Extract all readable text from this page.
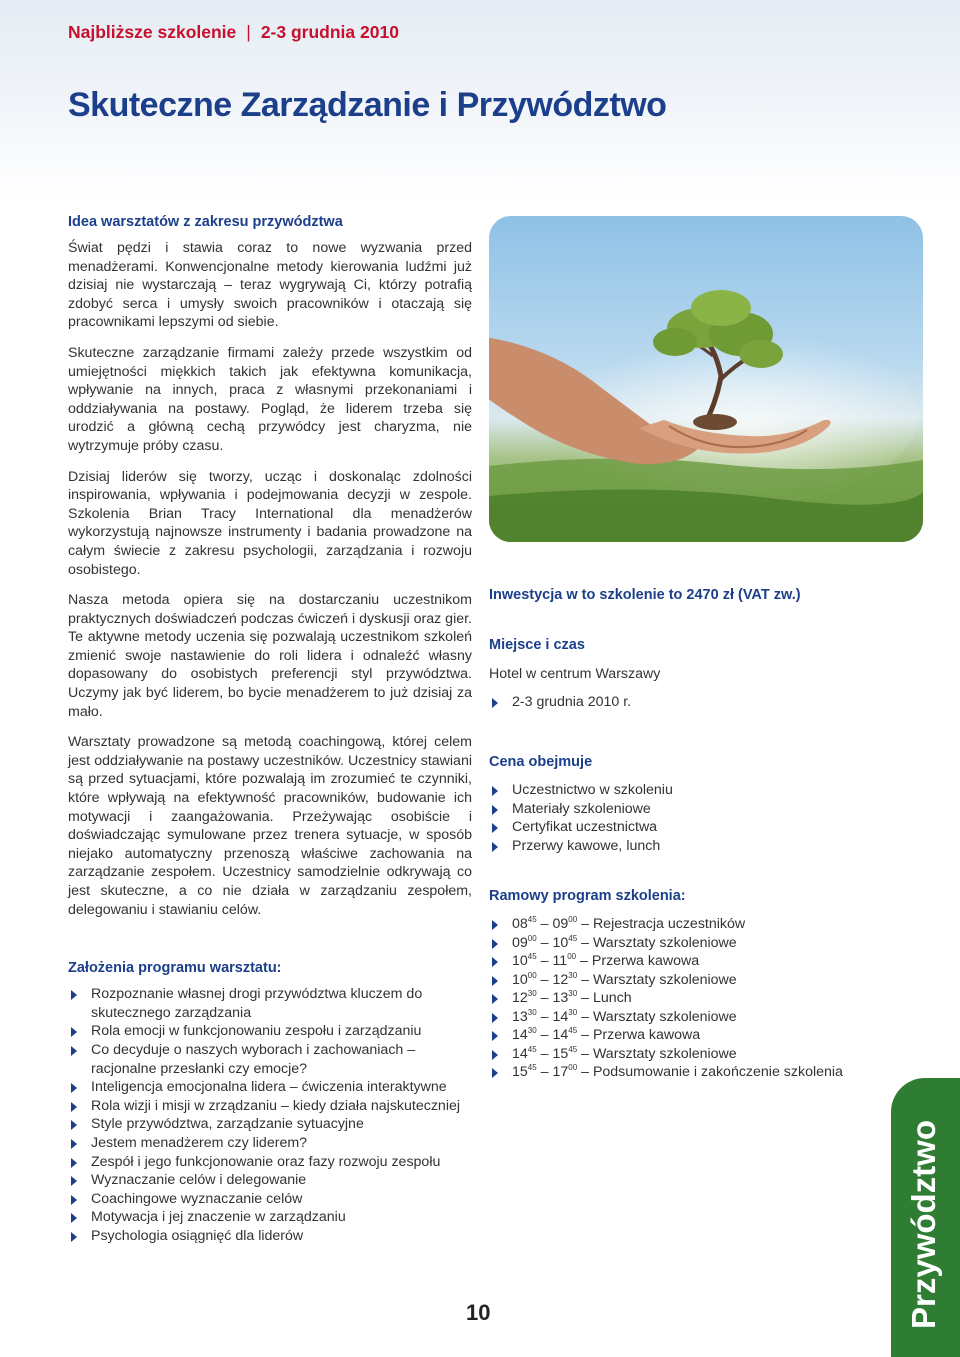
Najbliższe szkolenie | 2-3 grudnia 2010
Skuteczne Zarządzanie i Przywództwo
Idea warsztatów z zakresu przywództwa

Świat pędzi i stawia coraz to nowe wyzwania przed menadżerami. Konwencjonalne metody kierowania ludźmi już dzisiaj nie wystarczają – teraz wygrywają Ci, którzy potrafią zdobyć serca i umysły swoich pracowników i otaczają się pracownikami lepszymi od siebie.

Skuteczne zarządzanie firmami zależy przede wszystkim od umiejętności miękkich takich jak efektywna komunikacja, wpływanie na innych, praca z własnymi przekonaniami i oddziaływania na postawy. Pogląd, że liderem trzeba się urodzić a główną cechą przywódcy jest charyzma, nie wytrzymuje próby czasu.

Dzisiaj liderów się tworzy, ucząc i doskonaląc zdolności inspirowania, wpływania i podejmowania decyzji w zespole. Szkolenia Brian Tracy International dla menadżerów wykorzystują najnowsze instrumenty i badania prowadzone na całym świecie z zakresu psychologii, zarządzania i rozwoju osobistego.

Nasza metoda opiera się na dostarczaniu uczestnikom praktycznych doświadczeń podczas ćwiczeń i dyskusji oraz gier. Te aktywne metody uczenia się pozwalają uczestnikom szkoleń zmienić swoje nastawienie do roli lidera i odnaleźć własny dopasowany do osobistych preferencji styl przywództwa. Uczymy jak być liderem, bo bycie menadżerem to już dzisiaj za mało.

Warsztaty prowadzone są metodą coachingową, której celem jest oddziaływanie na postawy uczestników. Uczestnicy stawiani są przed sytuacjami, które pozwalają im zrozumieć te czynniki, które wpływają na efektywność pracowników, budowanie ich motywacji i zaangażowania. Przeżywając osobiście i doświadczając symulowane przez trenera sytuacje, w sposób niejako automatyczny przenoszą właściwe zachowania na zarządzanie zespołem. Uczestnicy samodzielnie odkrywają co jest skuteczne, a co nie działa w zarządzaniu zespołem, delegowaniu i stawianiu celów.

Założenia programu warsztatu:
Rozpoznanie własnej drogi przywództwa kluczem do skutecznego zarządzania
Rola emocji w funkcjonowaniu zespołu i zarządzaniu
Co decyduje o naszych wyborach i zachowaniach – racjonalne przesłanki czy emocje?
Inteligencja emocjonalna lidera – ćwiczenia interaktywne
Rola wizji i misji w zrządzaniu – kiedy działa najskuteczniej
Style przywództwa, zarządzanie sytuacyjne
Jestem menadżerem czy liderem?
Zespół i jego funkcjonowanie oraz fazy rozwoju zespołu
Wyznaczanie celów i delegowanie
Coachingowe wyznaczanie celów
Motywacja i jej znaczenie w zarządzaniu
Psychologia osiągnięć dla liderów
Inwestycja w to szkolenie to 2470 zł (VAT zw.)
Miejsce i czas

Hotel w centrum Warszawy

2-3 grudnia 2010 r.
Cena obejmuje
Uczestnictwo w szkoleniu
Materiały szkoleniowe
Certyfikat uczestnictwa
Przerwy kawowe, lunch
Ramowy program szkolenia:
$08^{45} - 09^{00}$ – Rejestracja uczestników
$09^{00} - 10^{45}$ – Warsztaty szkoleniowe
$10^{45} - 11^{00}$ – Przerwa kawowa
$10^{00} - 12^{30}$ – Warsztaty szkoleniowe
$12^{30} - 13^{30}$ – Lunch
$13^{30} - 14^{30}$ – Warsztaty szkoleniowe
$14^{30} - 14^{45}$ – Przerwa kawowa
$14^{45} - 15^{45}$ – Warsztaty szkoleniowe
$15^{45} - 17^{00}$ – Podsumowanie i zakończenie szkolenia
10	Przywództwo
